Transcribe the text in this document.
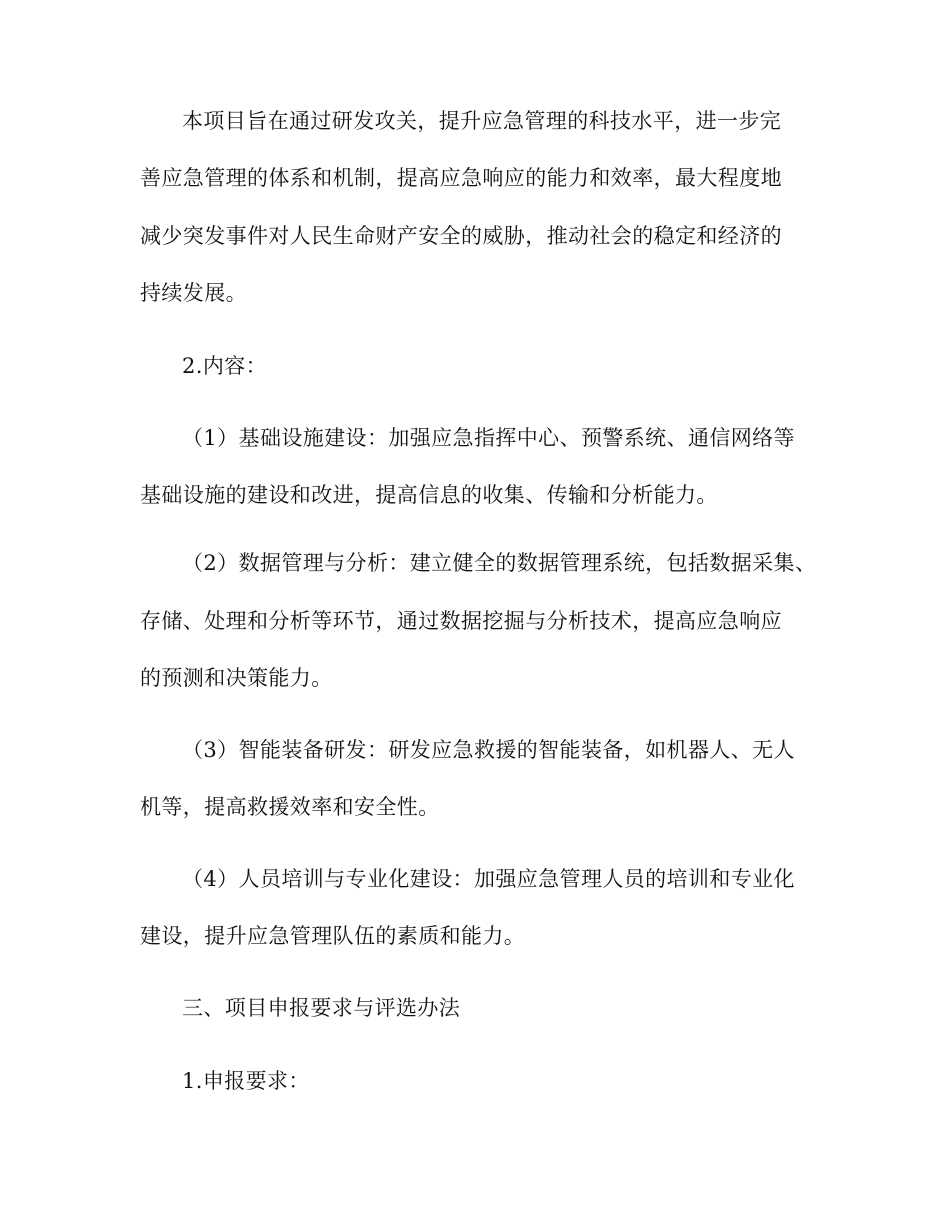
本项目旨在通过研发攻关，提升应急管理的科技水平，进一步完
善应急管理的体系和机制，提高应急响应的能力和效率，最大程度地
减少突发事件对人民生命财产安全的威胁，推动社会的稳定和经济的
持续发展。
2.内容：
（1）基础设施建设：加强应急指挥中心、预警系统、通信网络等
基础设施的建设和改进，提高信息的收集、传输和分析能力。
（2）数据管理与分析：建立健全的数据管理系统，包括数据采集、
存储、处理和分析等环节，通过数据挖掘与分析技术，提高应急响应
的预测和决策能力。
（3）智能装备研发：研发应急救援的智能装备，如机器人、无人
机等，提高救援效率和安全性。
（4）人员培训与专业化建设：加强应急管理人员的培训和专业化
建设，提升应急管理队伍的素质和能力。
三、项目申报要求与评选办法
1.申报要求：
